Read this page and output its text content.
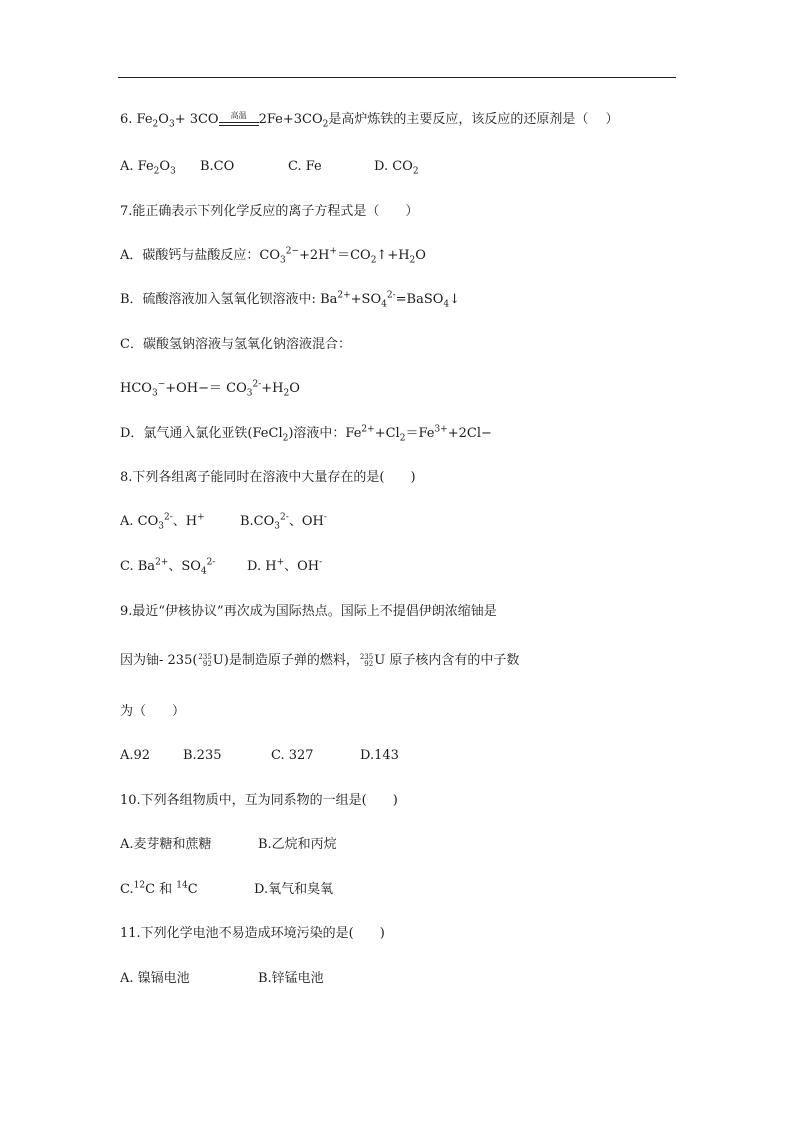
6. $Fe_2O_3+ 3CO$	高温 $2Fe+3CO_2$是高炉炼铁的主要反应，该反应的还原剂是（　 ）
A. $Fe_2O_3$ B.CO	C. Fe	D. $CO_2$
7.能正确表示下列化学反应的离子方程式是（　　）
A．碳酸钙与盐酸反应：$CO_3^{2-}+2H^+=CO_2↑+H_2O$
B．硫酸溶液加入氢氧化钡溶液中: $Ba^{2+}+SO_4^{2-}=BaSO_4↓$
C．碳酸氢钠溶液与氢氧化钠溶液混合：
$HCO_3^-+OH-= CO_3^{2-}+H_2O$
D．氯气通入氯化亚铁(FeCl$_2$)溶液中：$Fe^{2+}+Cl_2=Fe^{3+}+2Cl-$
8.下列各组离子能同时在溶液中大量存在的是(　　)
A. $CO_3^{2-}$、H+	$B.CO_3^{2-}$、OH-
C. $Ba^{2+}$、$SO_4^{2-}$ D. H+、OH-
9.最近“伊核协议”再次成为国际热点。国际上不提倡伊朗浓缩铀是
因为铀- 235( 235
92 U)是制造原子弹的燃料， 235
92 U 原子核内含有的中子数
为（　　）
A.92	B.235	C. 327	D.143
10.下列各组物质中，互为同系物的一组是(　　)
A.麦芽糖和蔗糖	B.乙烷和丙烷
C.$^{12}$C 和 $^{14}$C	D.氧气和臭氧
11.下列化学电池不易造成环境污染的是(　　)
A. 镍镉电池	B.锌锰电池
